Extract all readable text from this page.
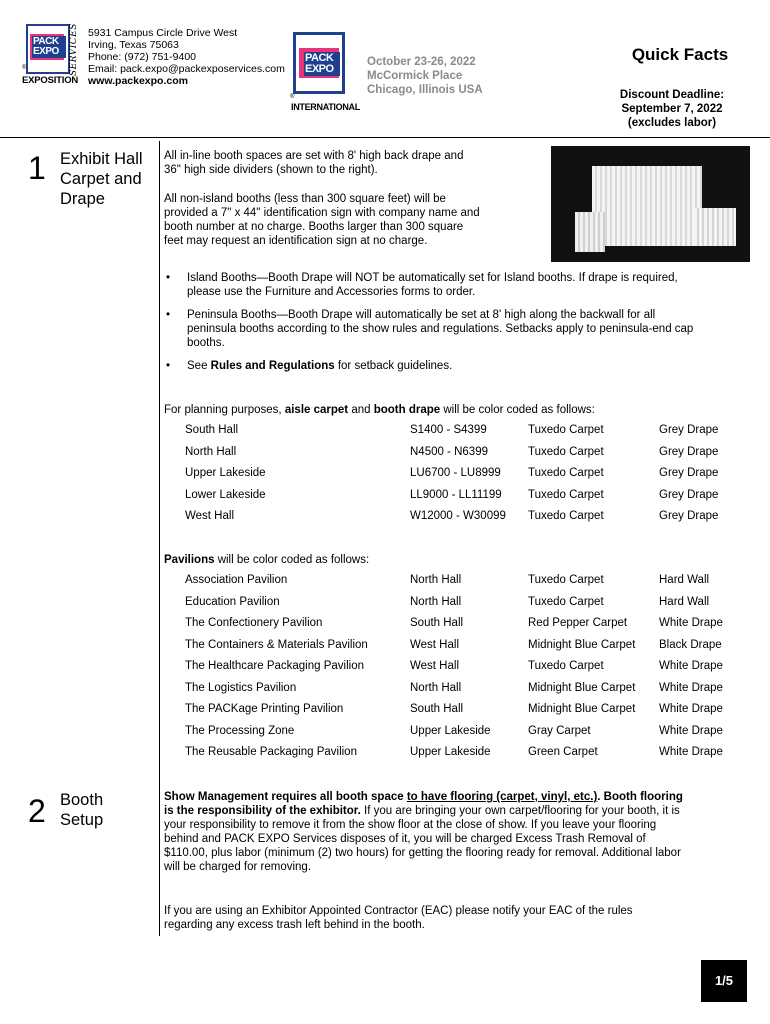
PACK EXPO	SERVICES
®
EXPOSITION
5931 Campus Circle Drive West
Irving, Texas 75063
Phone: (972) 751-9400
Email: pack.expo@packexposervices.com
www.packexpo.com
PACK EXPO
®
INTERNATIONAL
October 23-26, 2022
McCormick Place
Chicago, Illinois USA
Quick Facts
Discount Deadline:
September 7, 2022
(excludes labor)
1 Exhibit Hall
Carpet and
Drape
All in-line booth spaces are set with 8' high back drape and
36" high side dividers (shown to the right).
All non-island booths (less than 300 square feet) will be
provided a 7" x 44" identification sign with company name and
booth number at no charge. Booths larger than 300 square
feet may request an identification sign at no charge.
• Island Booths—Booth Drape will NOT be automatically set for Island booths. If drape is required,
please use the Furniture and Accessories forms to order.
• Peninsula Booths—Booth Drape will automatically be set at 8' high along the backwall for all
peninsula booths according to the show rules and regulations. Setbacks apply to peninsula-end cap
booths.
• See Rules and Regulations for setback guidelines.
For planning purposes, aisle carpet and booth drape will be color coded as follows:
South Hall	S1400 - S4399	Tuxedo Carpet	Grey Drape
North Hall	N4500 - N6399	Tuxedo Carpet	Grey Drape
Upper Lakeside	LU6700 - LU8999 Tuxedo Carpet	Grey Drape
Lower Lakeside	LL9000 - LL11199 Tuxedo Carpet	Grey Drape
West Hall	W12000 - W30099 Tuxedo Carpet	Grey Drape
Pavilions will be color coded as follows:
Association Pavilion	North Hall	Tuxedo Carpet	Hard Wall
Education Pavilion	North Hall	Tuxedo Carpet	Hard Wall
The Confectionery Pavilion	South Hall	Red Pepper Carpet	White Drape
The Containers & Materials Pavilion	West Hall	Midnight Blue Carpet Black Drape
The Healthcare Packaging Pavilion	West Hall	Tuxedo Carpet	White Drape
The Logistics Pavilion	North Hall	Midnight Blue Carpet White Drape
The PACKage Printing Pavilion	South Hall	Midnight Blue Carpet White Drape
The Processing Zone	Upper Lakeside	Gray Carpet	White Drape
The Reusable Packaging Pavilion	Upper Lakeside	Green Carpet	White Drape
2 Booth
Setup
Show Management requires all booth space to have flooring (carpet, vinyl, etc.). Booth flooring
is the responsibility of the exhibitor. If you are bringing your own carpet/flooring for your booth, it is
your responsibility to remove it from the show floor at the close of show. If you leave your flooring
behind and PACK EXPO Services disposes of it, you will be charged Excess Trash Removal of
$110.00, plus labor (minimum (2) two hours) for getting the flooring ready for removal. Additional labor
will be charged for removing.
If you are using an Exhibitor Appointed Contractor (EAC) please notify your EAC of the rules
regarding any excess trash left behind in the booth.
1/5
